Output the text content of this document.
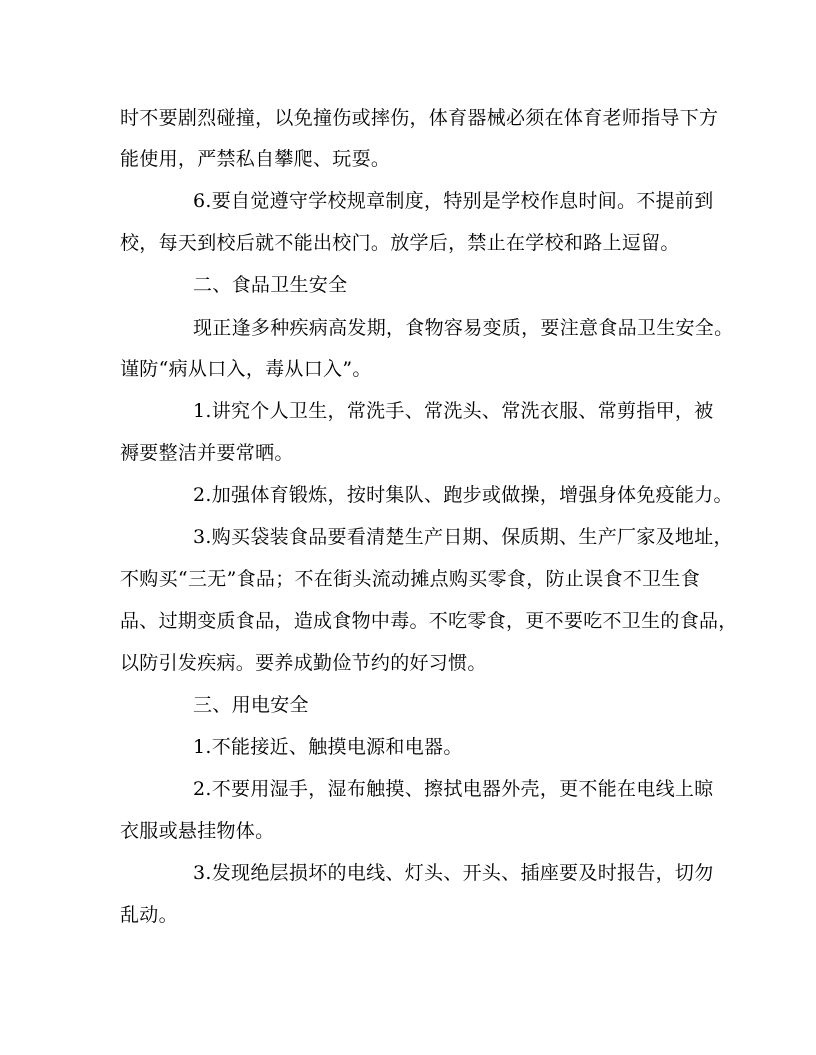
时不要剧烈碰撞，以免撞伤或摔伤，体育器械必须在体育老师指导下方
能使用，严禁私自攀爬、玩耍。
6.要自觉遵守学校规章制度，特别是学校作息时间。不提前到
校，每天到校后就不能出校门。放学后，禁止在学校和路上逗留。
二、食品卫生安全
现正逢多种疾病高发期，食物容易变质，要注意食品卫生安全。
谨防“病从口入，毒从口入”。
1.讲究个人卫生，常洗手、常洗头、常洗衣服、常剪指甲，被
褥要整洁并要常晒。
2.加强体育锻炼，按时集队、跑步或做操，增强身体免疫能力。
3.购买袋装食品要看清楚生产日期、保质期、生产厂家及地址，
不购买“三无”食品；不在街头流动摊点购买零食，防止误食不卫生食
品、过期变质食品，造成食物中毒。不吃零食，更不要吃不卫生的食品，
以防引发疾病。要养成勤俭节约的好习惯。
三、用电安全
1.不能接近、触摸电源和电器。
2.不要用湿手，湿布触摸、擦拭电器外壳，更不能在电线上晾
衣服或悬挂物体。
3.发现绝层损坏的电线、灯头、开头、插座要及时报告，切勿
乱动。
